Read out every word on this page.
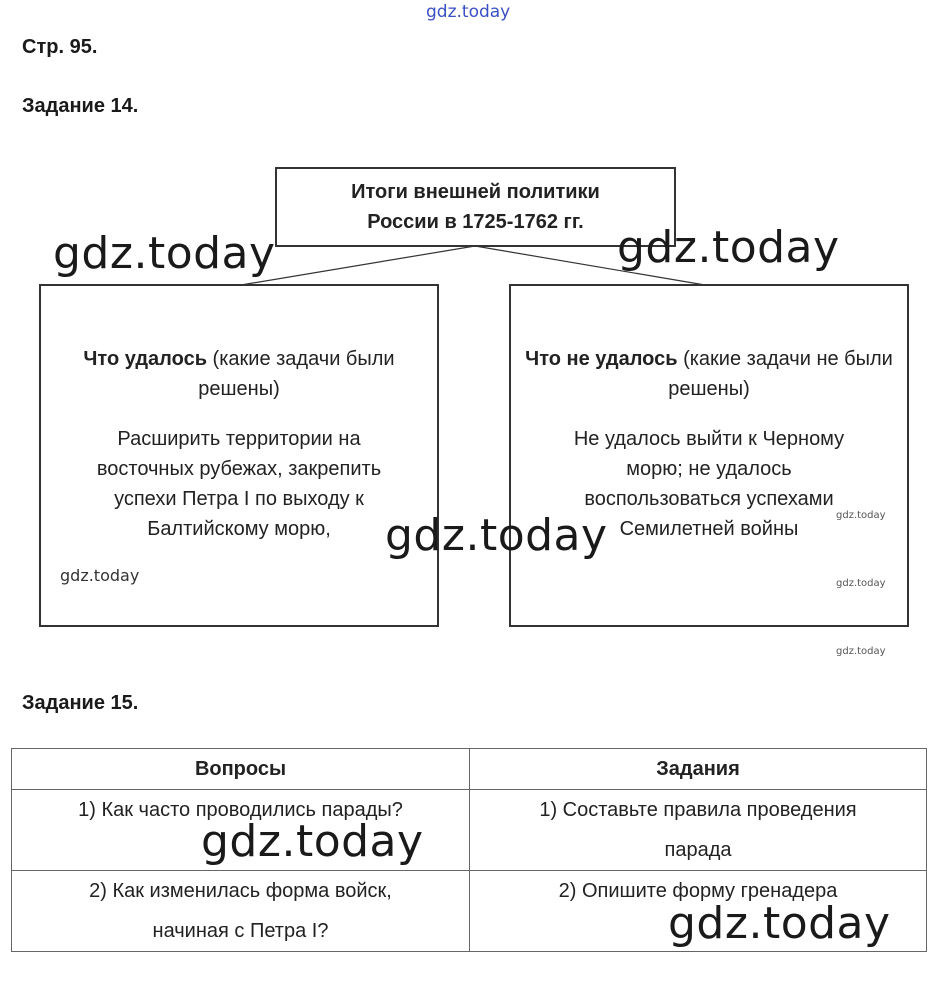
gdz.today
Стр. 95.
Задание 14.
Итоги внешней политики
России в 1725-1762 гг.
Что удалось (какие задачи были решены)
Расширить территории на восточных рубежах, закрепить успехи Петра I по выходу к Балтийскому морю,
Что не удалось (какие задачи не были решены)
Не удалось выйти к Черному морю; не удалось воспользоваться успехами Семилетней войны
Задание 15.
Вопросы	Задания
1) Как часто проводились парады?	1) Составьте правила проведения парада
2) Как изменилась форма войск, начиная с Петра I?	2) Опишите форму гренадера
gdz.today	gdz.today
gdz.today
gdz.today
gdz.today
gdz.today
gdz.today
gdz.today
gdz.today
